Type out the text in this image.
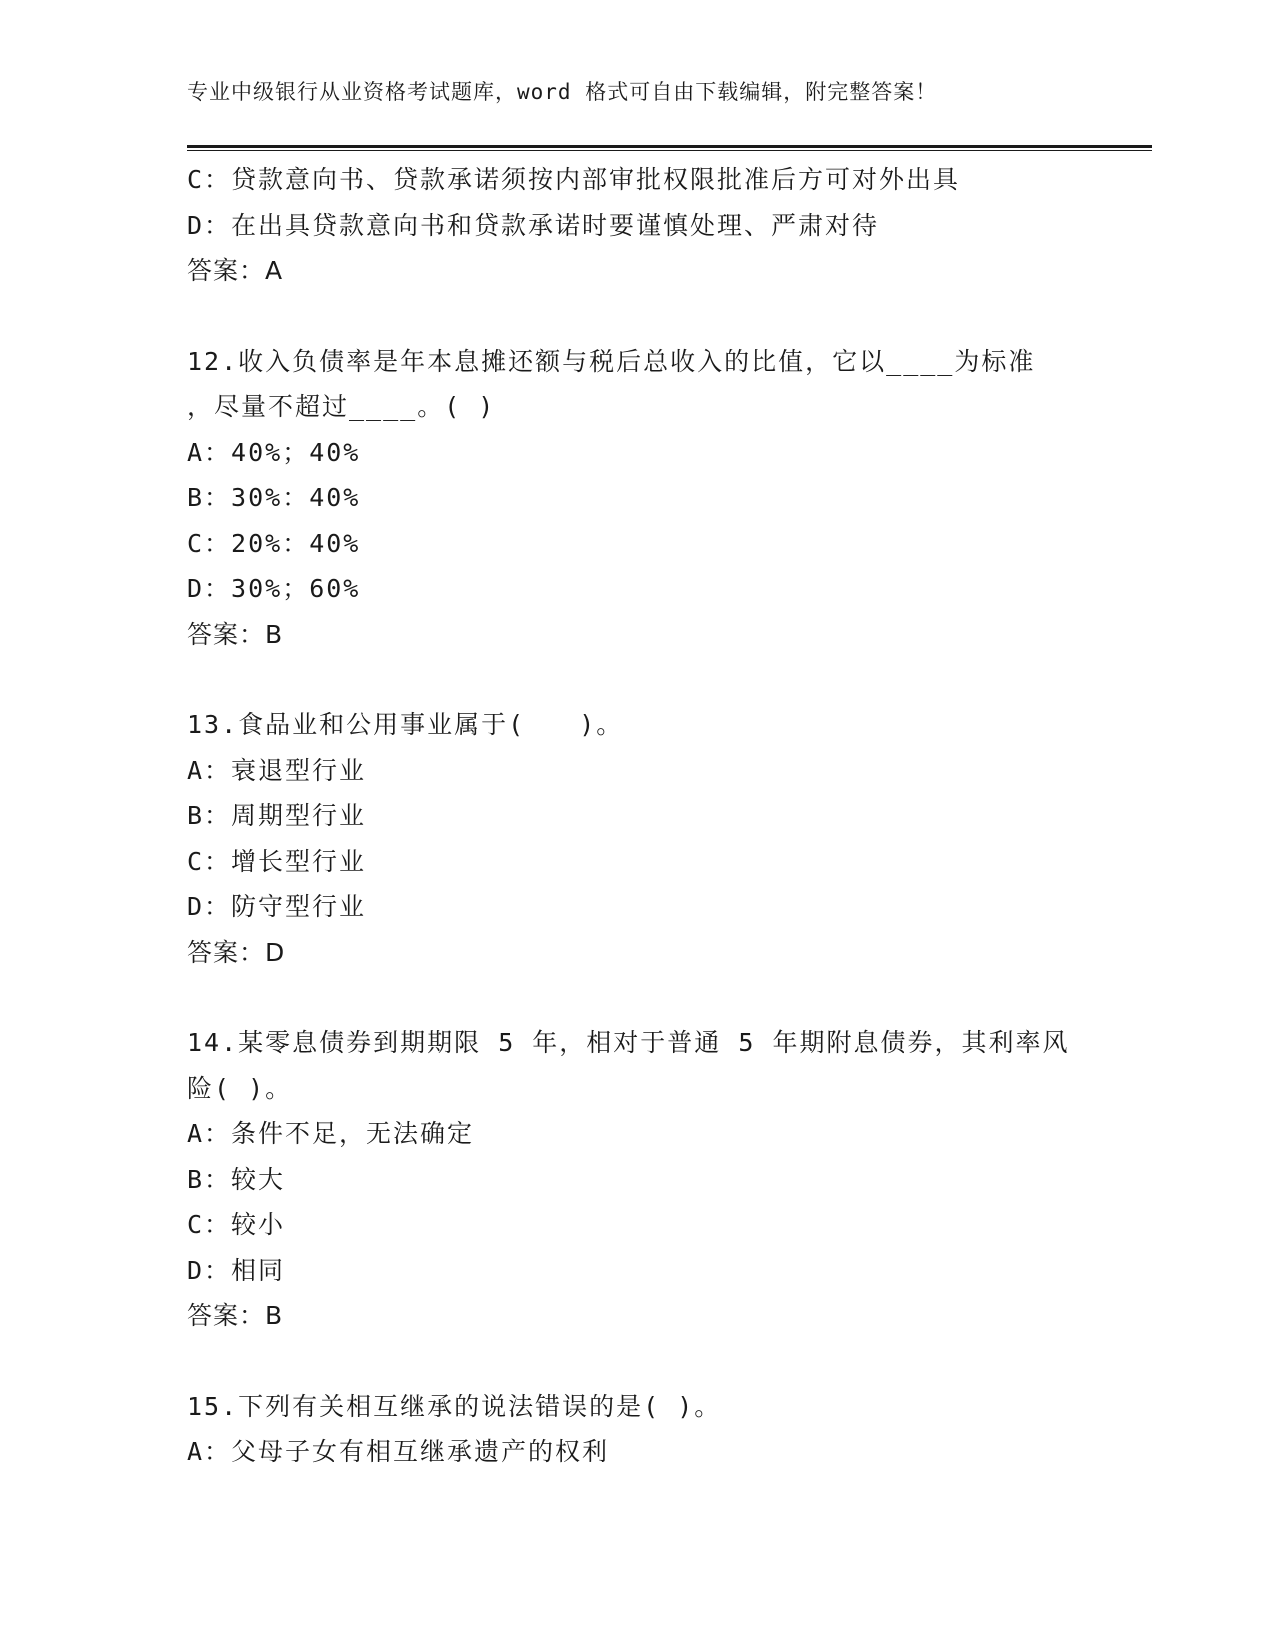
专业中级银行从业资格考试题库，word 格式可自由下载编辑，附完整答案！
C：贷款意向书、贷款承诺须按内部审批权限批准后方可对外出具
D：在出具贷款意向书和贷款承诺时要谨慎处理、严肃对待
答案：A
12.收入负债率是年本息摊还额与税后总收入的比值，它以____为标准
，尽量不超过____。( )
A：40%；40%
B：30%：40%
C：20%：40%
D：30%；60%
答案：B
13.食品业和公用事业属于(　　)。
A：衰退型行业
B：周期型行业
C：增长型行业
D：防守型行业
答案：D
14.某零息债券到期期限 5 年，相对于普通 5 年期附息债券，其利率风
险( )。
A：条件不足，无法确定
B：较大
C：较小
D：相同
答案：B
15.下列有关相互继承的说法错误的是( )。
A：父母子女有相互继承遗产的权利
